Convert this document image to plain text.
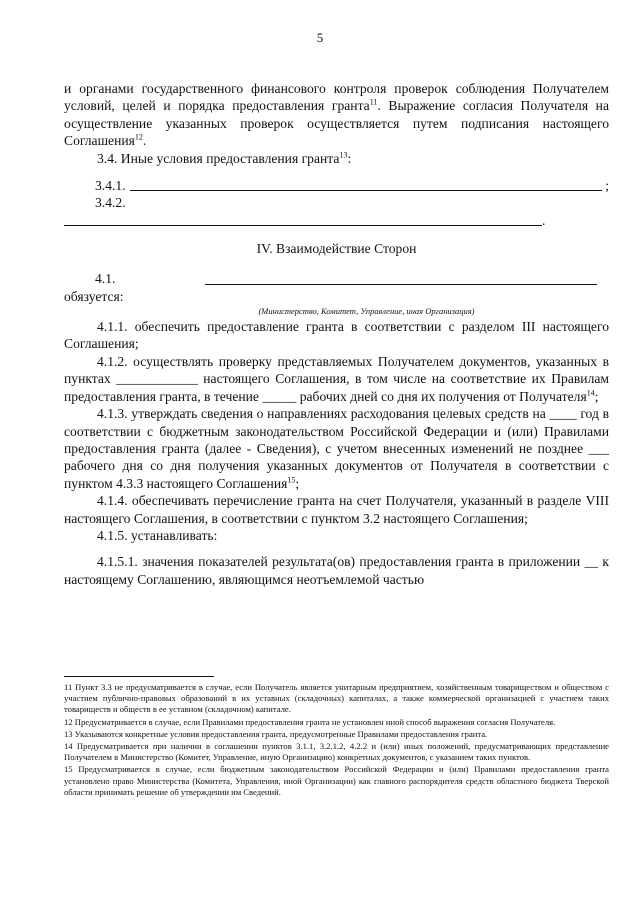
5

и органами государственного финансового контроля проверок соблюдения Получателем условий, целей и порядка предоставления гранта$^{11}$. Выражение согласия Получателя на осуществление указанных проверок осуществляется путем подписания настоящего Соглашения$^{12}$.

3.4. Иные условия предоставления гранта$^{13}$:

3.4.1.	;
3.4.2.
.
IV. Взаимодействие Сторон
4.1.

обязуется:

(Министерство, Комитет, Управление, иная Организация)

4.1.1. обеспечить предоставление гранта в соответствии с разделом III настоящего Соглашения;

4.1.2. осуществлять проверку представляемых Получателем документов, указанных в пунктах ____________ настоящего Соглашения, в том числе на соответствие их Правилам предоставления гранта, в течение _____ рабочих дней со дня их получения от Получателя$^{14}$;

4.1.3. утверждать сведения о направлениях расходования целевых средств на ____ год в соответствии с бюджетным законодательством Российской Федерации и (или) Правилами предоставления гранта (далее - Сведения), с учетом внесенных изменений не позднее ___ рабочего дня со дня получения указанных документов от Получателя в соответствии с пунктом 4.3.3 настоящего Соглашения$^{15}$;

4.1.4. обеспечивать перечисление гранта на счет Получателя, указанный в разделе VIII настоящего Соглашения, в соответствии с пунктом 3.2 настоящего Соглашения;

4.1.5. устанавливать:

4.1.5.1. значения показателей результата(ов) предоставления гранта в приложении __ к настоящему Соглашению, являющимся неотъемлемой частью

11 Пункт 3.3 не предусматривается в случае, если Получатель является унитарным предприятием, хозяйственным товариществом и обществом с участием публично-правовых образований в их уставных (складочных) капиталах, а также коммерческой организацией с участием таких товариществ и обществ в ее уставном (складочном) капитале.

12 Предусматривается в случае, если Правилами предоставления гранта не установлен иной способ выражения согласия Получателя.

13 Указываются конкретные условия предоставления гранта, предусмотренные Правилами предоставления гранта.

14 Предусматривается при наличии в соглашении пунктов 3.1.1, 3.2.1.2, 4.2.2 и (или) иных положений, предусматривающих представление Получателем в Министерство (Комитет, Управление, иную Организацию) конкретных документов, с указанием таких пунктов.

15 Предусматривается в случае, если бюджетным законодательством Российской Федерации и (или) Правилами предоставления гранта установлено право Министерства (Комитета, Управления, иной Организации) как главного распорядителя средств областного бюджета Тверской области принимать решение об утверждении им Сведений.
